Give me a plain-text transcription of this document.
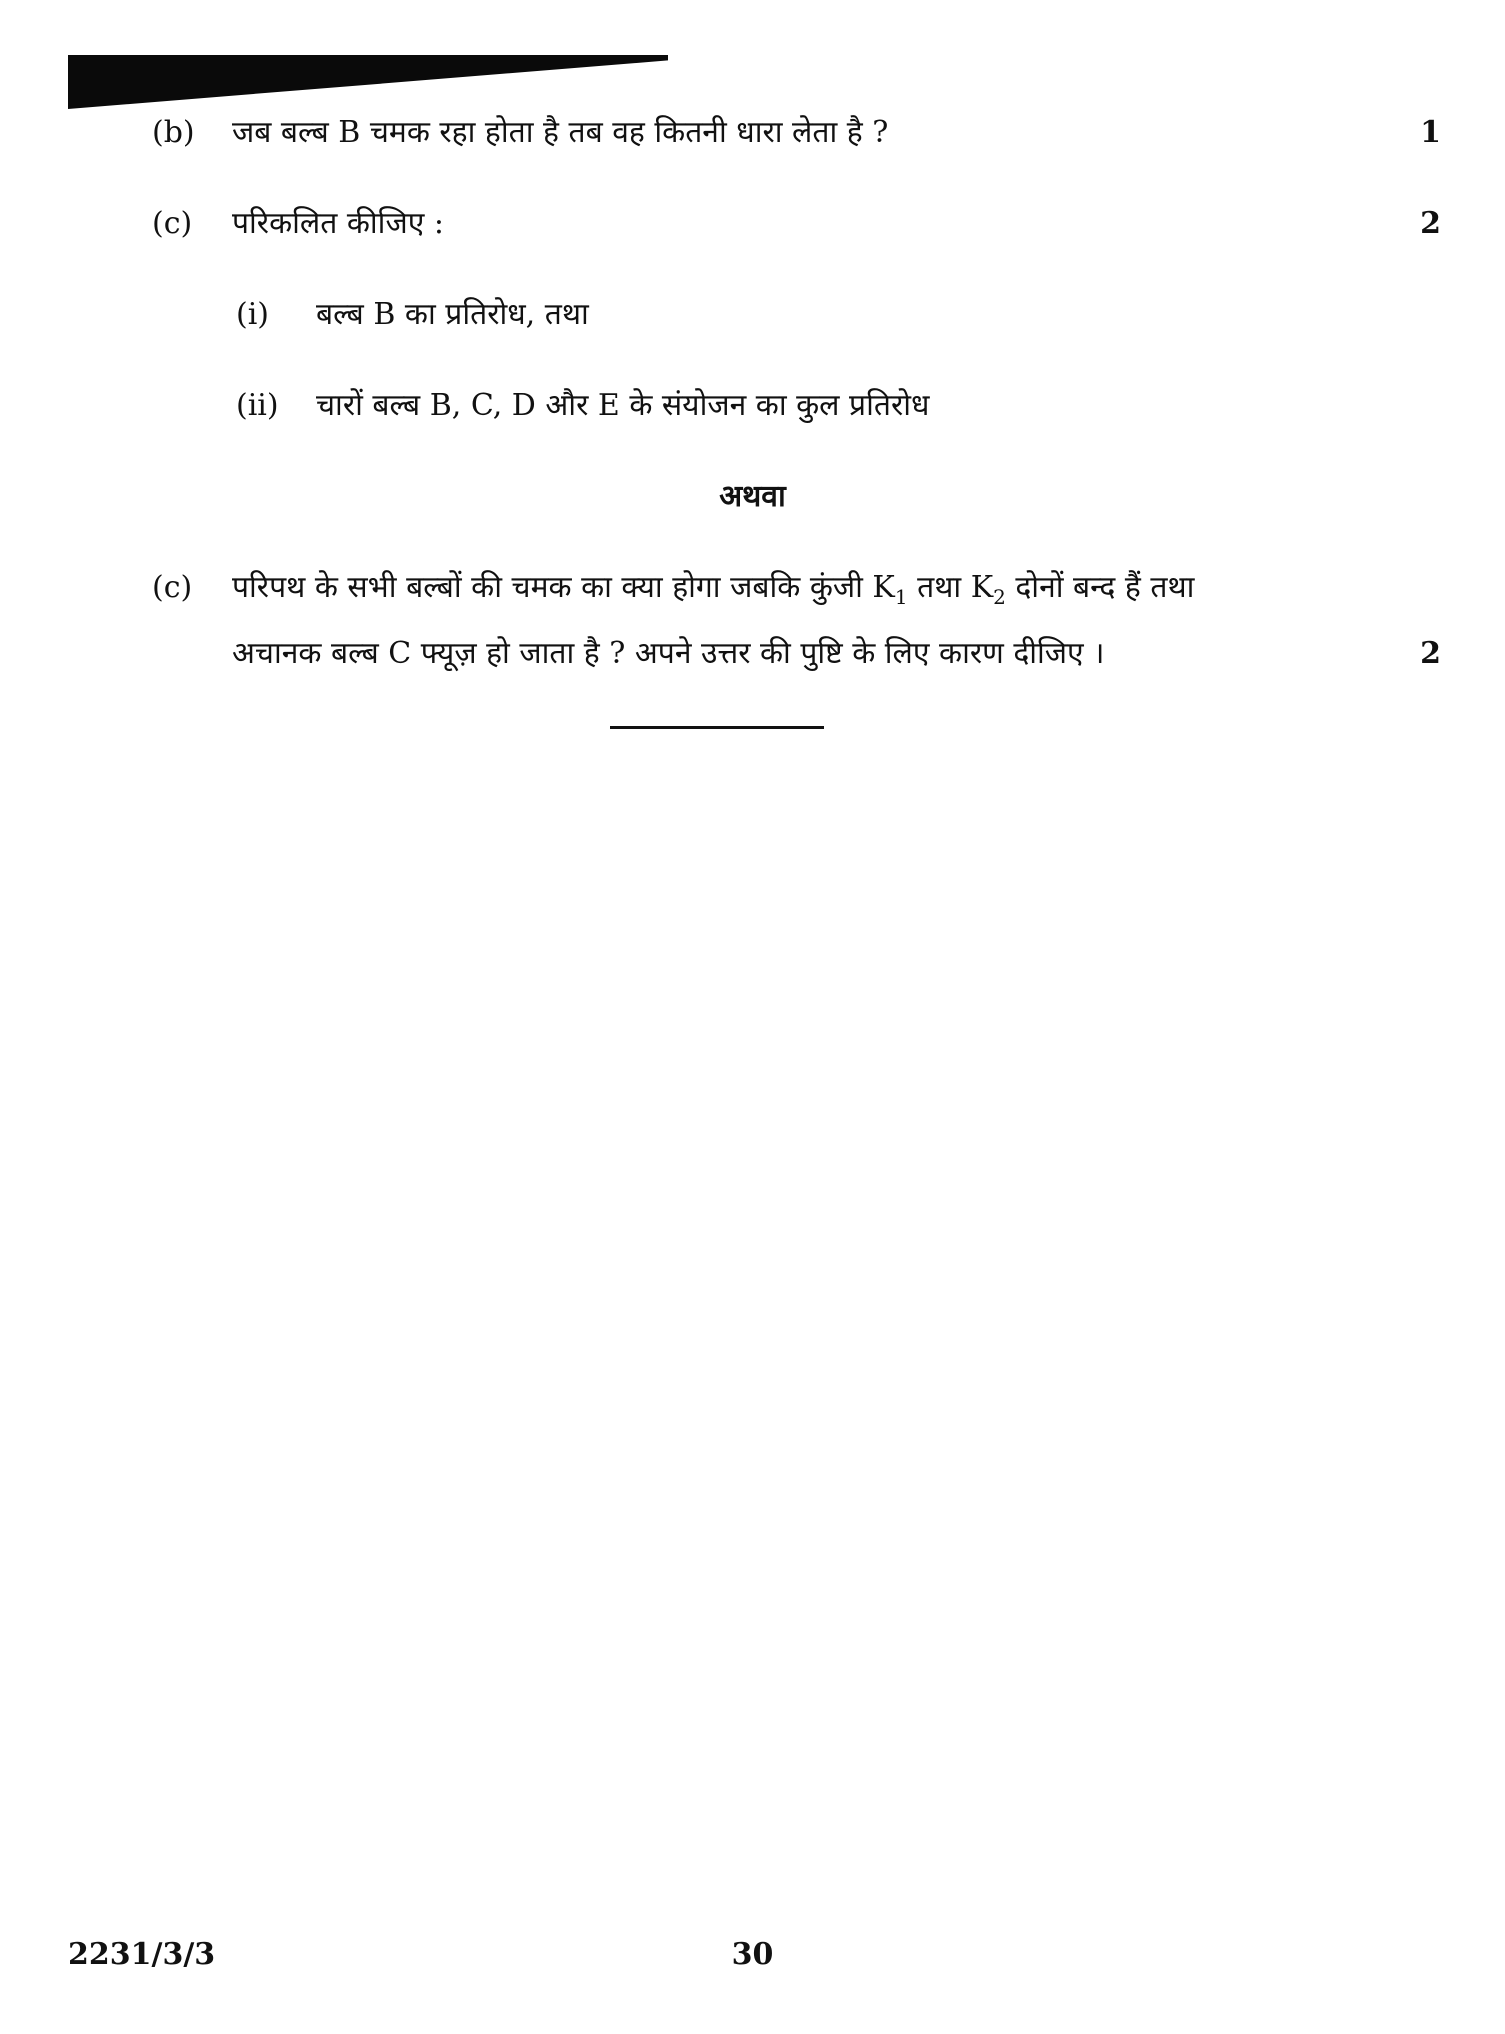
(b) जब बल्ब B चमक रहा होता है तब वह कितनी धारा लेता है ?	1
(c) परिकलित कीजिए :	2
(i) बल्ब B का प्रतिरोध, तथा
(ii) चारों बल्ब B, C, D और E के संयोजन का कुल प्रतिरोध
अथवा
(c) परिपथ के सभी बल्बों की चमक का क्या होगा जबकि कुंजी $K_1$ तथा $K_2$ दोनों बन्द हैं तथा
अचानक बल्ब C फ्यूज़ हो जाता है ? अपने उत्तर की पुष्टि के लिए कारण दीजिए ।	2
2231/3/3	30
